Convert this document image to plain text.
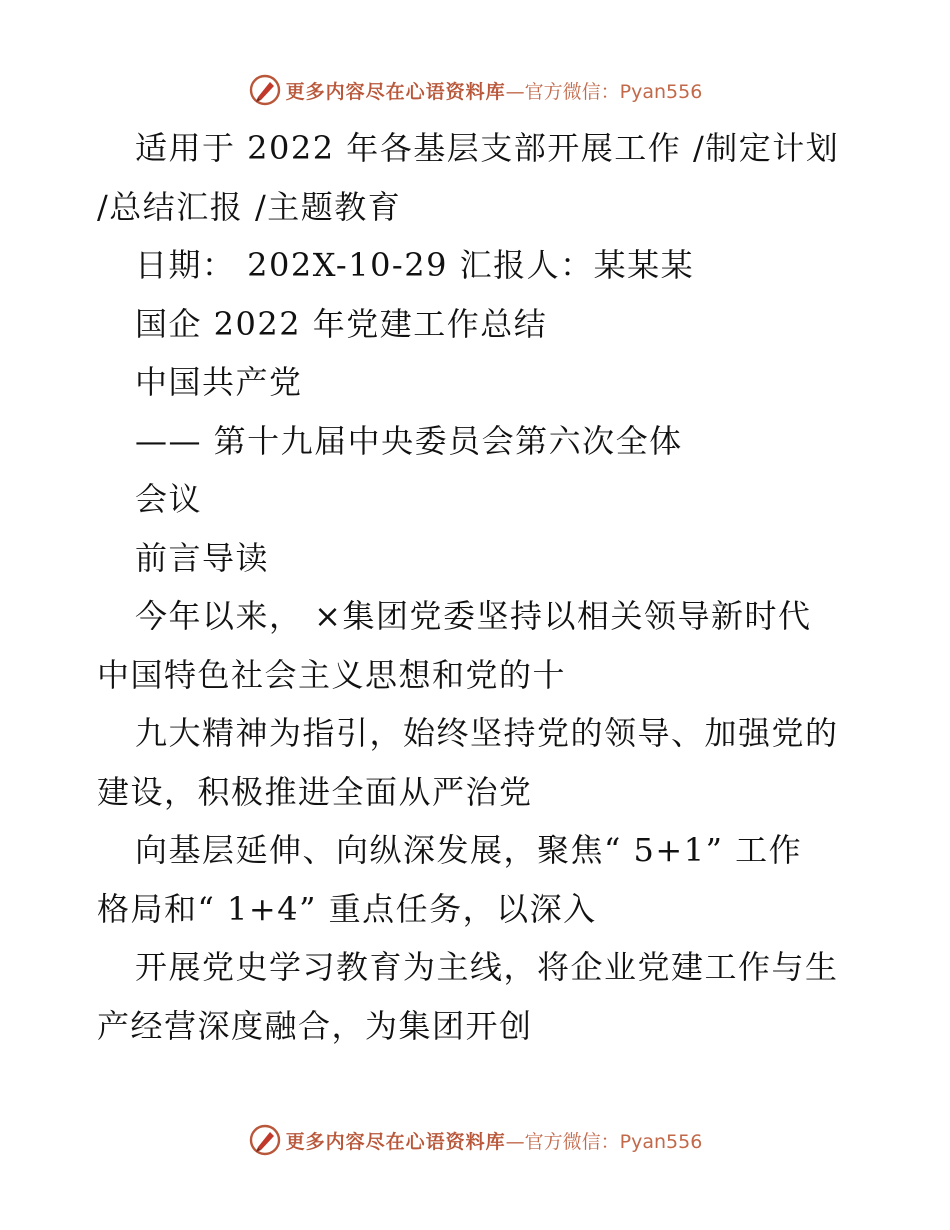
更多内容尽在心语资料库 —官方微信：Pyan556
适用于 2022 年各基层支部开展工作 /制定计划
/总结汇报 /主题教育
日期： 202X-10-29 汇报人：某某某
国企 2022 年党建工作总结
中国共产党
—— 第十九届中央委员会第六次全体
会议
前言导读
今年以来， ×集团党委坚持以相关领导新时代
中国特色社会主义思想和党的十
九大精神为指引，始终坚持党的领导、加强党的
建设，积极推进全面从严治党
向基层延伸、向纵深发展，聚焦“ 5+1” 工作
格局和“ 1+4” 重点任务，以深入
开展党史学习教育为主线，将企业党建工作与生
产经营深度融合，为集团开创
更多内容尽在心语资料库 —官方微信：Pyan556
